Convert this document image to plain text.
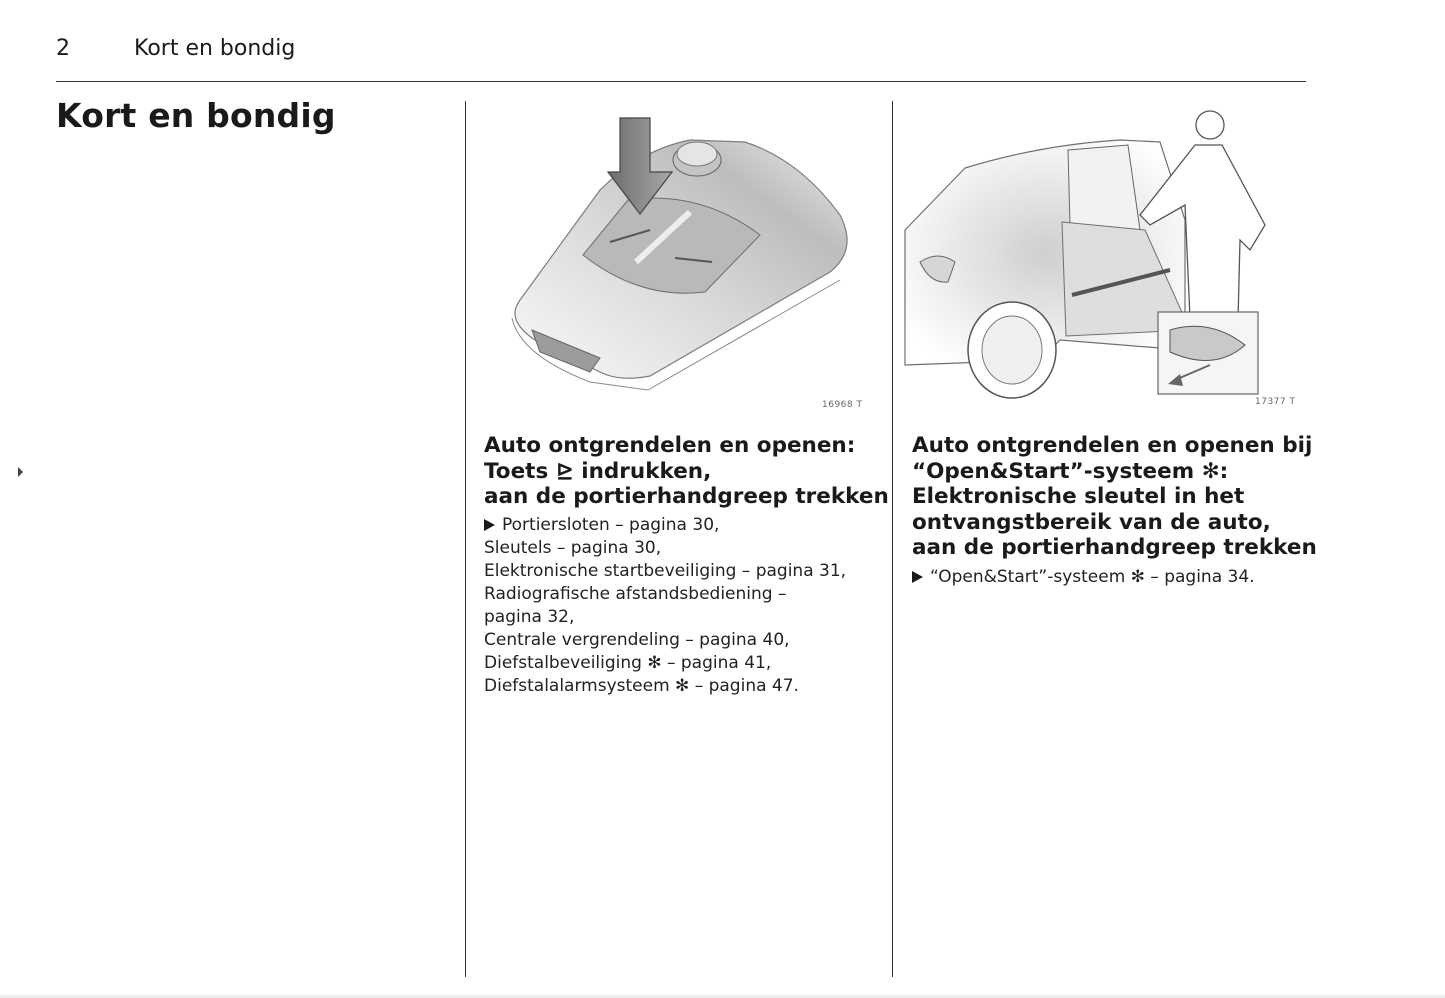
2	Kort en bondig
Kort en bondig
16968 T
Auto ontgrendelen en openen:
Toets ⊵ indrukken,
aan de portierhandgreep trekken
Portiersloten – pagina 30,
Sleutels – pagina 30,
Elektronische startbeveiliging – pagina 31,
Radiografische afstandsbediening –
pagina 32,
Centrale vergrendeling – pagina 40,
Diefstalbeveiliging ✻ – pagina 41,
Diefstalalarmsysteem ✻ – pagina 47.
17377 T
Auto ontgrendelen en openen bij
“Open&Start”-systeem ✻:
Elektronische sleutel in het
ontvangstbereik van de auto,
aan de portierhandgreep trekken
“Open&Start”-systeem ✻ – pagina 34.
